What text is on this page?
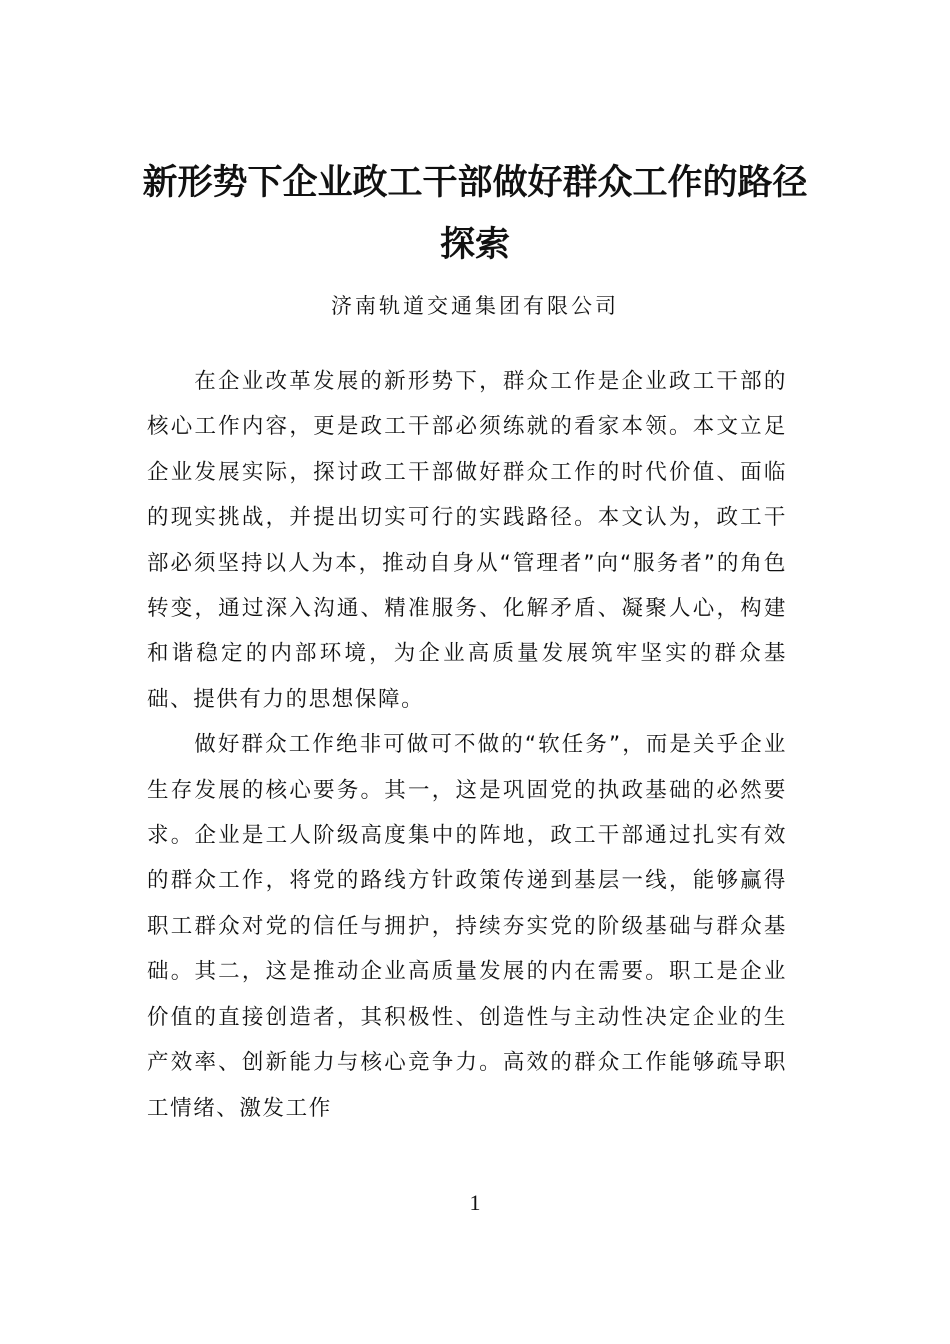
新形势下企业政工干部做好群众工作的路径探索
济南轨道交通集团有限公司

在企业改革发展的新形势下，群众工作是企业政工干部的核心工作内容，更是政工干部必须练就的看家本领。本文立足企业发展实际，探讨政工干部做好群众工作的时代价值、面临的现实挑战，并提出切实可行的实践路径。本文认为，政工干部必须坚持以人为本，推动自身从“管理者”向“服务者”的角色转变，通过深入沟通、精准服务、化解矛盾、凝聚人心，构建和谐稳定的内部环境，为企业高质量发展筑牢坚实的群众基础、提供有力的思想保障。

做好群众工作绝非可做可不做的“软任务”，而是关乎企业生存发展的核心要务。其一，这是巩固党的执政基础的必然要求。企业是工人阶级高度集中的阵地，政工干部通过扎实有效的群众工作，将党的路线方针政策传递到基层一线，能够赢得职工群众对党的信任与拥护，持续夯实党的阶级基础与群众基础。其二，这是推动企业高质量发展的内在需要。职工是企业价值的直接创造者，其积极性、创造性与主动性决定企业的生产效率、创新能力与核心竞争力。高效的群众工作能够疏导职工情绪、激发工作

1
